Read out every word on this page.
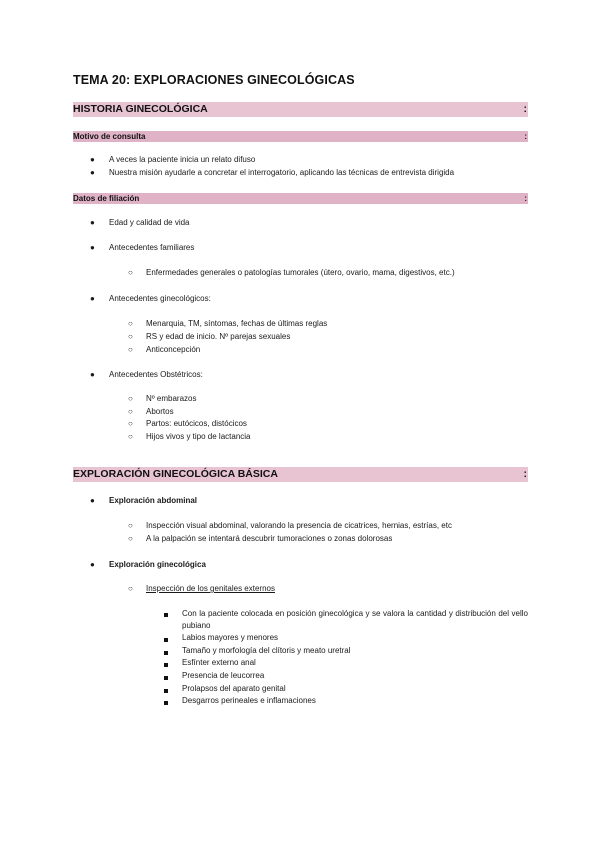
TEMA 20: EXPLORACIONES GINECOLÓGICAS
HISTORIA GINECOLÓGICA	:
Motivo de consulta	:
● A veces la paciente inicia un relato difuso
● Nuestra misión ayudarle a concretar el interrogatorio, aplicando las técnicas de entrevista dirigida
Datos de filiación	:
● Edad y calidad de vida
● Antecedentes familiares
○ Enfermedades generales o patologías tumorales (útero, ovario, mama, digestivos, etc.)
● Antecedentes ginecológicos:
○ Menarquia, TM, síntomas, fechas de últimas reglas
○ RS y edad de inicio. Nº parejas sexuales
○ Anticoncepción
● Antecedentes Obstétricos:
○ Nº embarazos
○ Abortos
○ Partos: eutócicos, distócicos
○ Hijos vivos y tipo de lactancia
EXPLORACIÓN GINECOLÓGICA BÁSICA	:
● Exploración abdominal
○ Inspección visual abdominal, valorando la presencia de cicatrices, hernias, estrías, etc
○ A la palpación se intentará descubrir tumoraciones o zonas dolorosas
● Exploración ginecológica
○ Inspección de los genitales externos
Con la paciente colocada en posición ginecológica y se valora la cantidad y distribución del vello pubiano
Labios mayores y menores
Tamaño y morfología del clítoris y meato uretral
Esfínter externo anal
Presencia de leucorrea
Prolapsos del aparato genital
Desgarros perineales e inflamaciones
